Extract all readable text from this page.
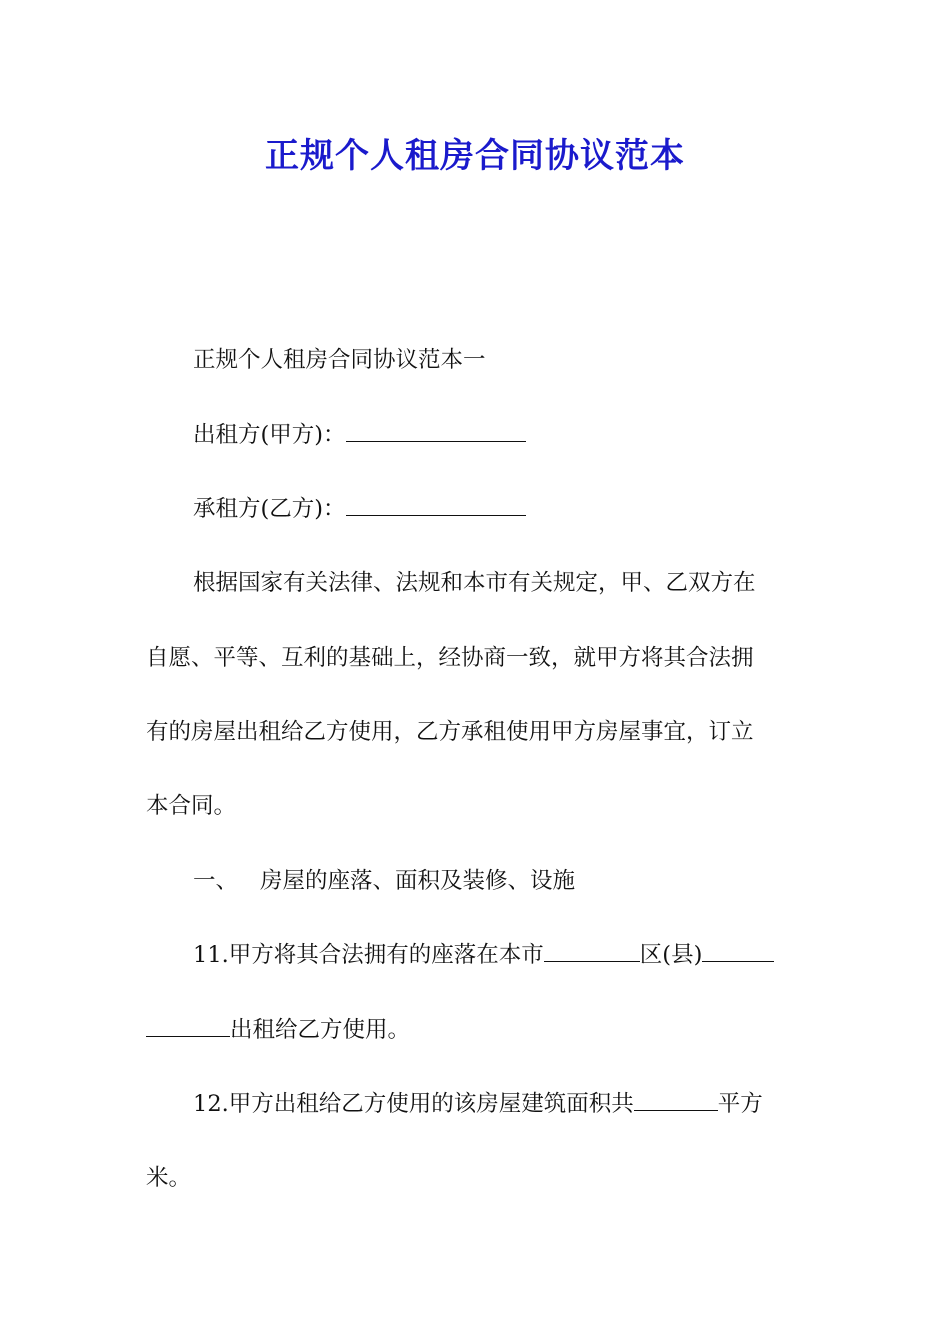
正规个人租房合同协议范本

正规个人租房合同协议范本一

出租方(甲方)：

承租方(乙方)：

根据国家有关法律、法规和本市有关规定，甲、乙双方在

自愿、平等、互利的基础上，经协商一致，就甲方将其合法拥

有的房屋出租给乙方使用，乙方承租使用甲方房屋事宜，订立

本合同。

一、 房屋的座落、面积及装修、设施

11.甲方将其合法拥有的座落在本市	区(县)

出租给乙方使用。

12.甲方出租给乙方使用的该房屋建筑面积共	平方

米。
